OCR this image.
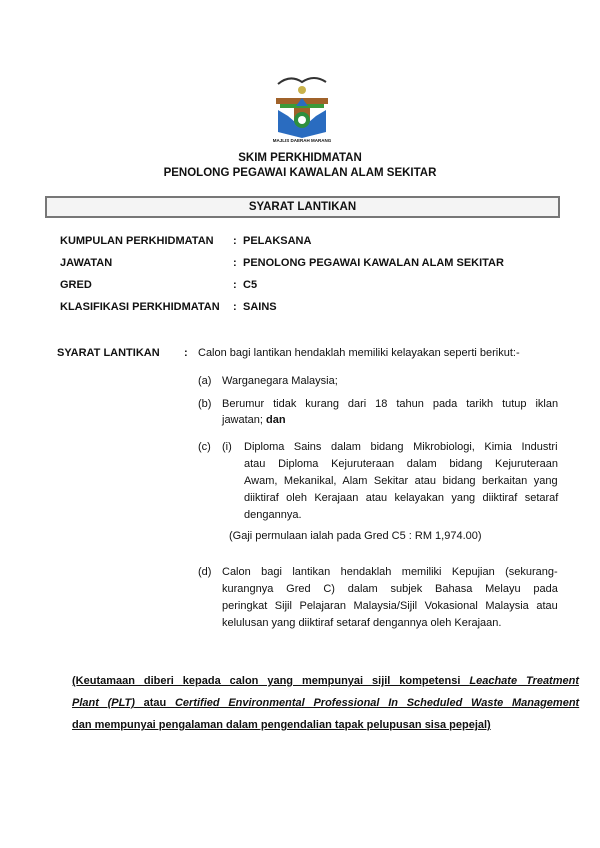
MAJLIS DAERAH MARANG
SKIM PERKHIDMATAN
PENOLONG PEGAWAI KAWALAN ALAM SEKITAR
SYARAT LANTIKAN
KUMPULAN PERKHIDMATAN : PELAKSANA
JAWATAN	: PENOLONG PEGAWAI KAWALAN ALAM SEKITAR
GRED	: C5
KLASIFIKASI PERKHIDMATAN : SAINS
SYARAT LANTIKAN : Calon bagi lantikan hendaklah memiliki kelayakan seperti berikut:-
(a) Warganegara Malaysia;
(b) Berumur tidak kurang dari 18 tahun pada tarikh tutup iklan
jawatan; dan
(c) (i) Diploma Sains dalam bidang Mikrobiologi, Kimia Industri
atau Diploma Kejuruteraan dalam bidang Kejuruteraan
Awam, Mekanikal, Alam Sekitar atau bidang berkaitan yang
diiktiraf oleh Kerajaan atau kelayakan yang diiktiraf setaraf
dengannya.
(Gaji permulaan ialah pada Gred C5 : RM 1,974.00)
(d) Calon bagi lantikan hendaklah memiliki Kepujian (sekurang-
kurangnya Gred C) dalam subjek Bahasa Melayu pada
peringkat Sijil Pelajaran Malaysia/Sijil Vokasional Malaysia atau
kelulusan yang diiktiraf setaraf dengannya oleh Kerajaan.
(Keutamaan diberi kepada calon yang mempunyai sijil kompetensi Leachate Treatment
Plant (PLT) atau Certified Environmental Professional In Scheduled Waste Management
dan mempunyai pengalaman dalam pengendalian tapak pelupusan sisa pepejal)
